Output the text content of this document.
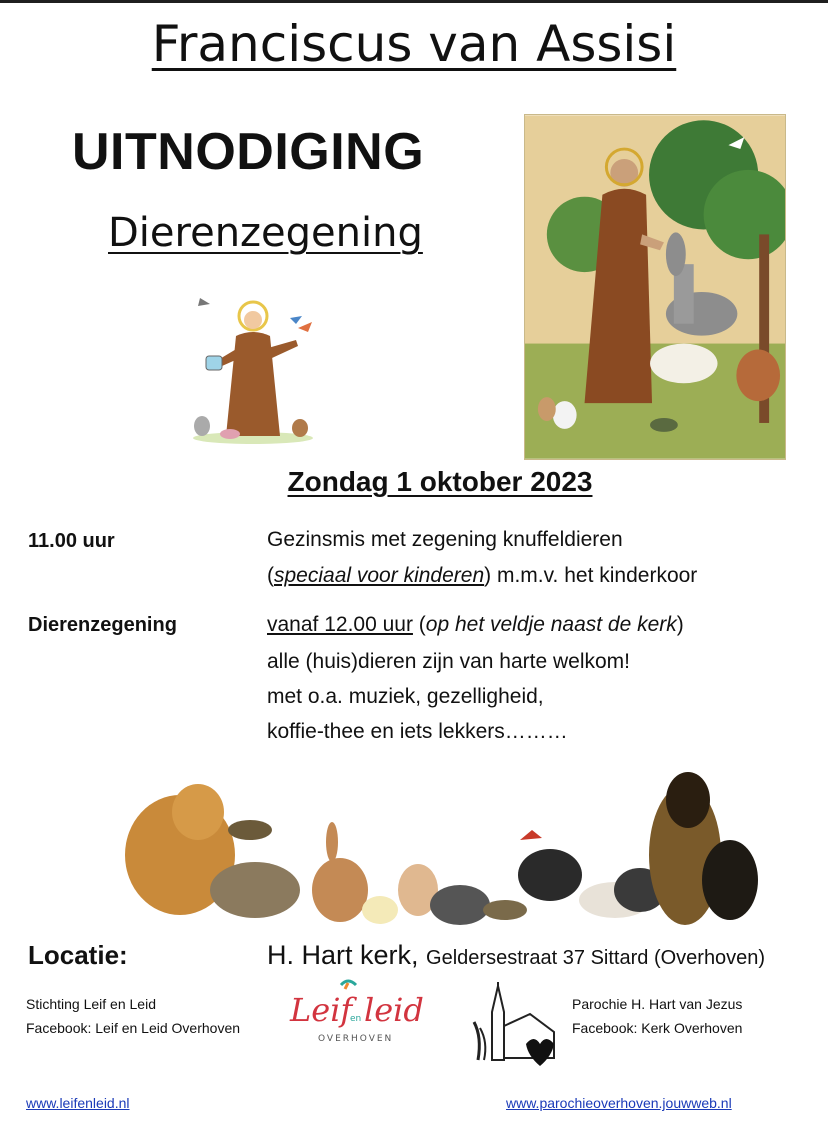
Franciscus van Assisi
UITNODIGING
Dierenzegening
Zondag 1 oktober 2023
11.00 uur	Gezinsmis met zegening knuffeldieren
(speciaal voor kinderen) m.m.v. het kinderkoor
Dierenzegening	vanaf 12.00 uur (op het veldje naast de kerk)
alle (huis)dieren zijn van harte welkom!
met o.a. muziek, gezelligheid,
koffie-thee en iets lekkers………
Locatie:	H. Hart kerk, Geldersestraat 37 Sittard (Overhoven)
Stichting Leif en Leid
Facebook: Leif en Leid Overhoven Leif
en leid
OVERHOVEN
Parochie H. Hart van Jezus
Facebook: Kerk Overhoven
www.leifenleid.nl	www.parochieoverhoven.jouwweb.nl
